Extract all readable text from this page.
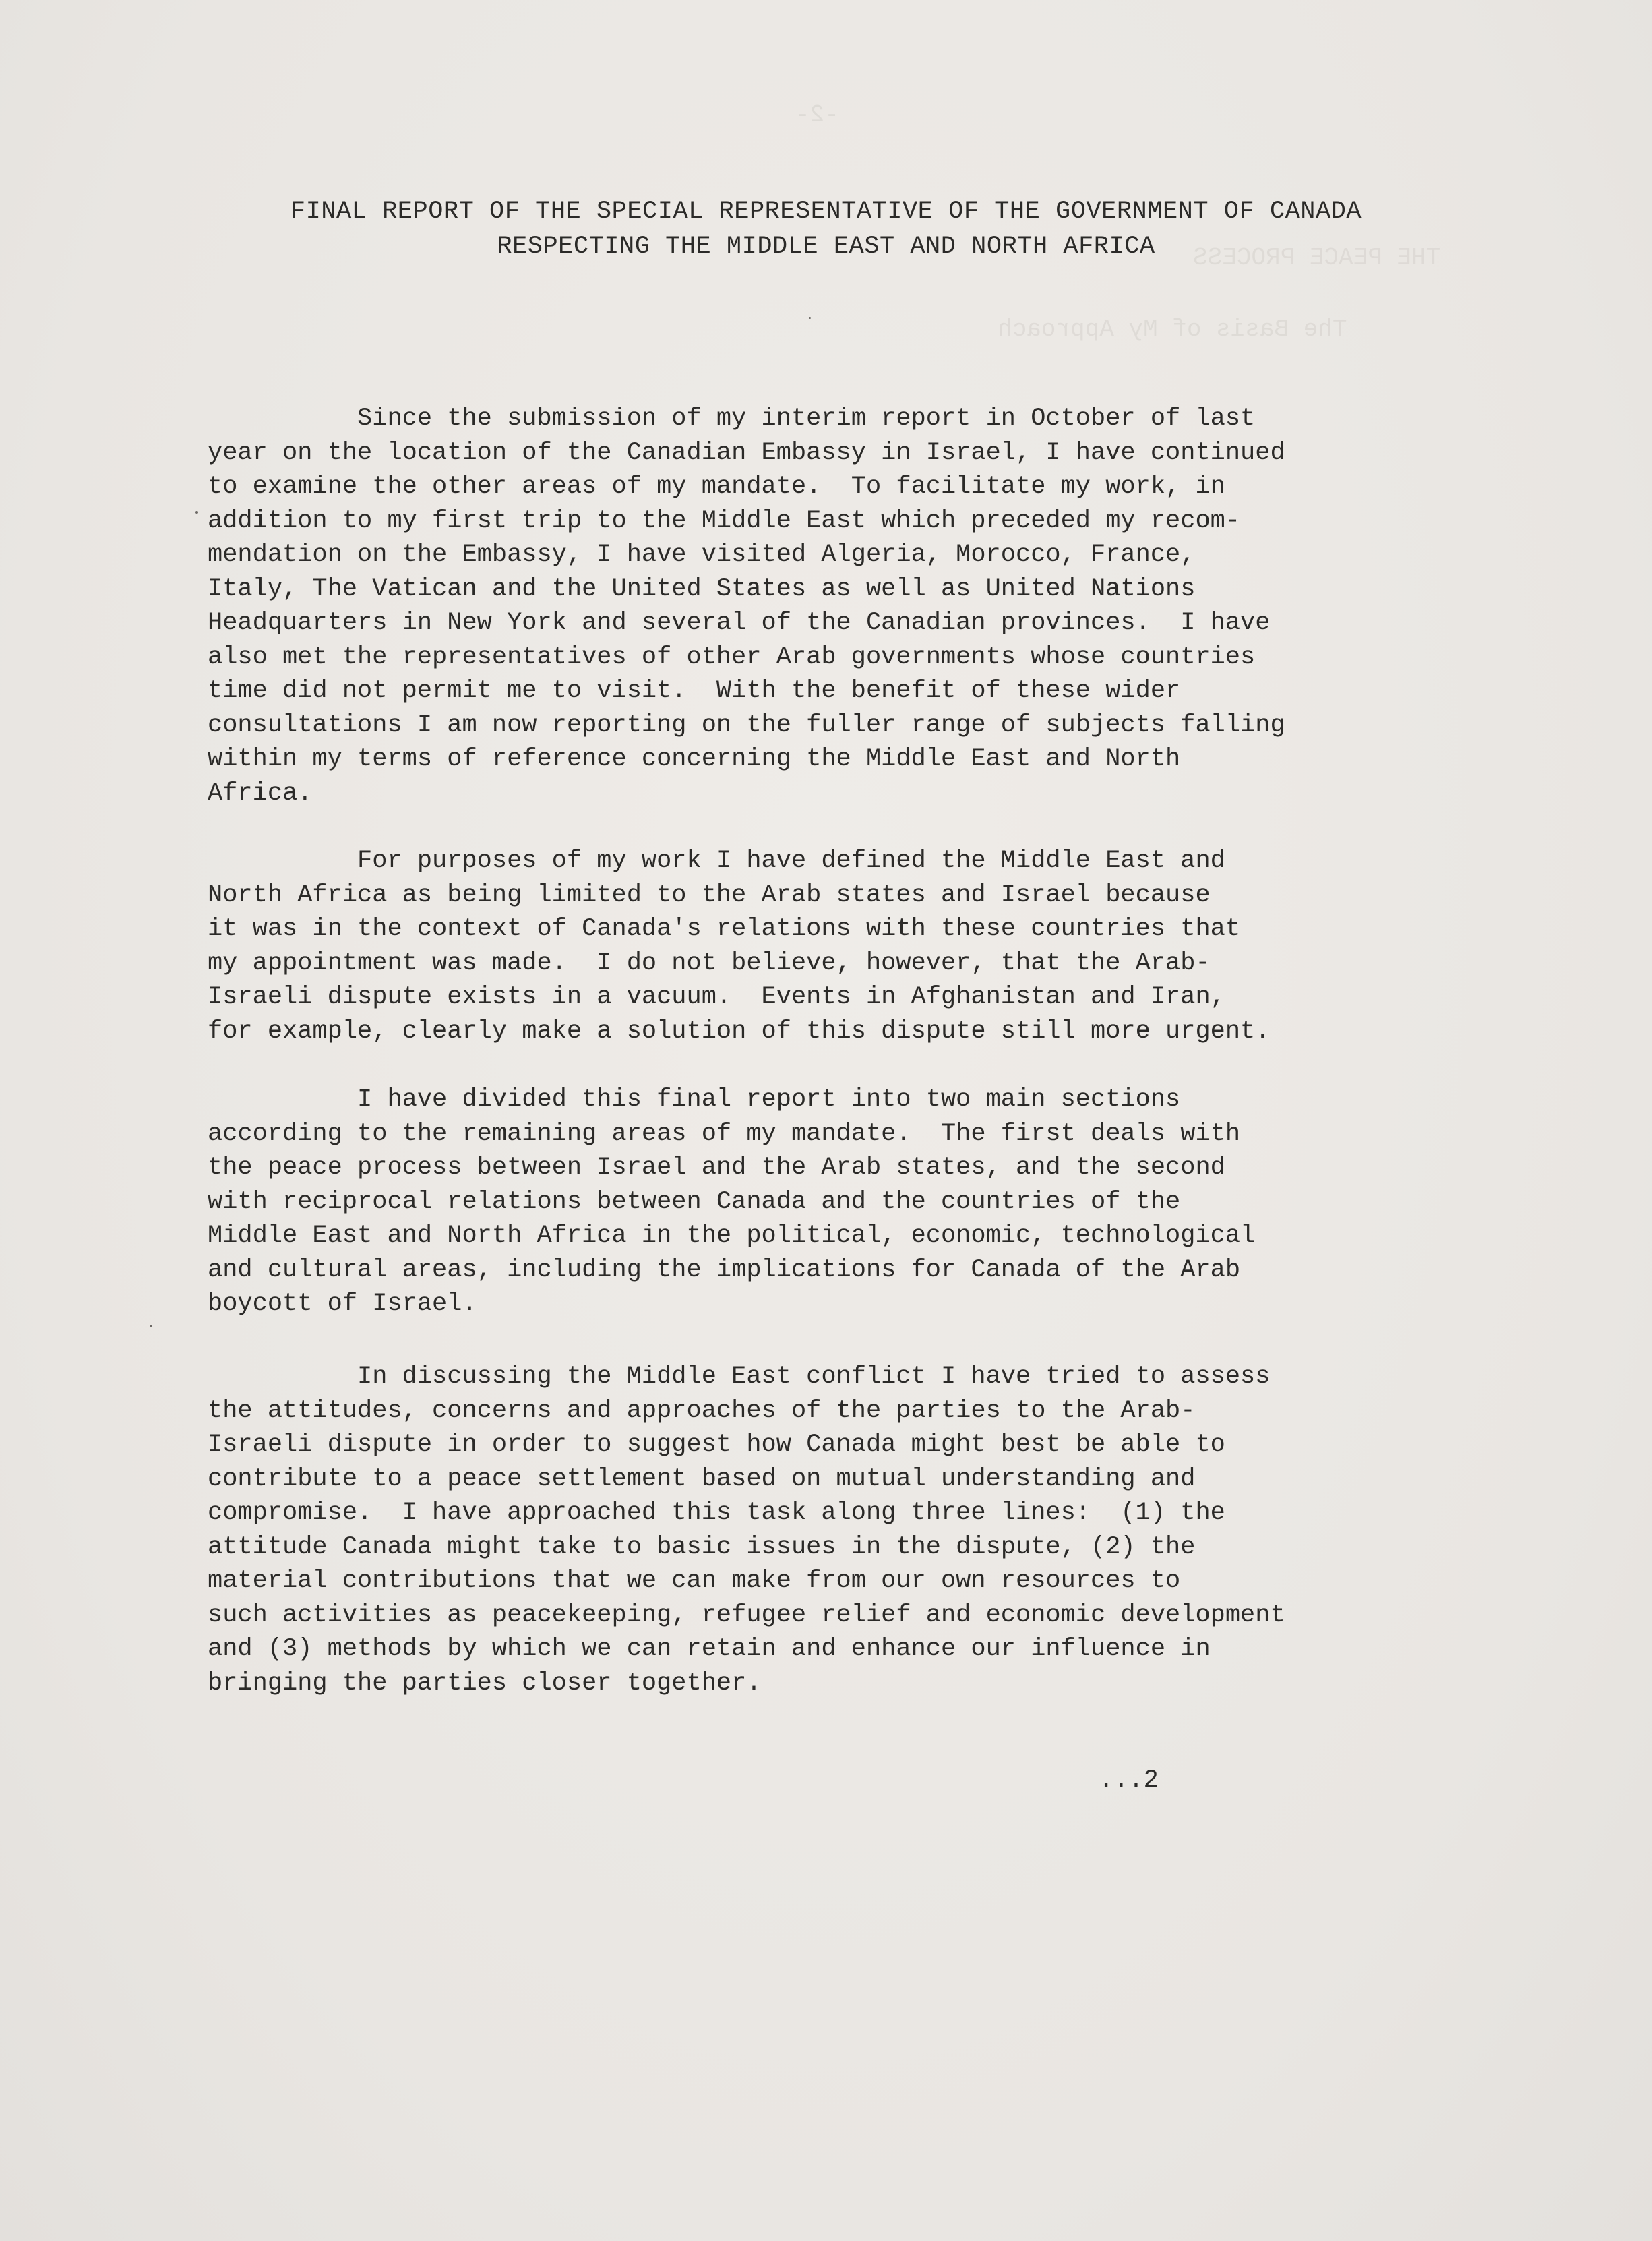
-2-
THE PEACE PROCESS
The Basis of My Approach
FINAL REPORT OF THE SPECIAL REPRESENTATIVE OF THE GOVERNMENT OF CANADA
RESPECTING THE MIDDLE EAST AND NORTH AFRICA

Since the submission of my interim report in October of last
year on the location of the Canadian Embassy in Israel, I have continued
to examine the other areas of my mandate.  To facilitate my work, in
addition to my first trip to the Middle East which preceded my recom-
mendation on the Embassy, I have visited Algeria, Morocco, France,
Italy, The Vatican and the United States as well as United Nations
Headquarters in New York and several of the Canadian provinces.  I have
also met the representatives of other Arab governments whose countries
time did not permit me to visit.  With the benefit of these wider
consultations I am now reporting on the fuller range of subjects falling
within my terms of reference concerning the Middle East and North
Africa.

For purposes of my work I have defined the Middle East and
North Africa as being limited to the Arab states and Israel because
it was in the context of Canada's relations with these countries that
my appointment was made.  I do not believe, however, that the Arab-
Israeli dispute exists in a vacuum.  Events in Afghanistan and Iran,
for example, clearly make a solution of this dispute still more urgent.

I have divided this final report into two main sections
according to the remaining areas of my mandate.  The first deals with
the peace process between Israel and the Arab states, and the second
with reciprocal relations between Canada and the countries of the
Middle East and North Africa in the political, economic, technological
and cultural areas, including the implications for Canada of the Arab
boycott of Israel.

In discussing the Middle East conflict I have tried to assess
the attitudes, concerns and approaches of the parties to the Arab-
Israeli dispute in order to suggest how Canada might best be able to
contribute to a peace settlement based on mutual understanding and
compromise.  I have approached this task along three lines:  (1) the
attitude Canada might take to basic issues in the dispute, (2) the
material contributions that we can make from our own resources to
such activities as peacekeeping, refugee relief and economic development
and (3) methods by which we can retain and enhance our influence in
bringing the parties closer together.

...2
